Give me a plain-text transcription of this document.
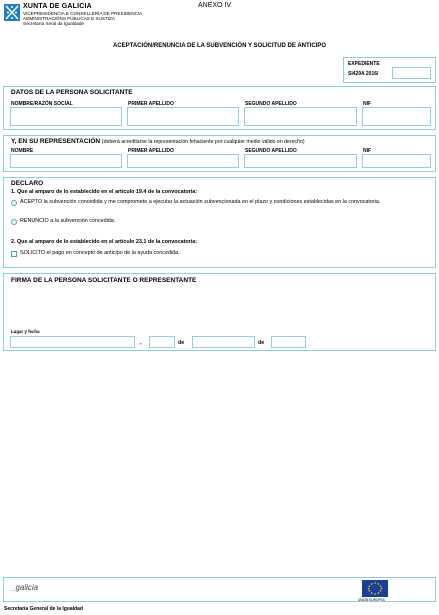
XUNTA DE GALICIA
VICEPRESIDENCIA E CONSELLERÍA DE PRESIDENCIA,
ADMINISTRACIÓNS PÚBLICAS E XUSTIZA
Secretaría Xeral da Igualdade
ANEXO IV
ACEPTACIÓN/RENUNCIA DE LA SUBVENCIÓN Y SOLICITUD DE ANTICIPO
EXPEDIENTE
SI429A 2016/
DATOS DE LA PERSONA SOLICITANTE
NOMBRE/RAZÓN SOCIAL	PRIMER APELLIDO	SEGUNDO APELLIDO	NIF
Y, EN SU REPRESENTACIÓN (deberá acreditarse la representación fehaciente por cualquier medio válido en derecho)
NOMBRE	PRIMER APELLIDO	SEGUNDO APELLIDO	NIF
DECLARO
1. Que al amparo de lo establecido en el artículo 19.4 de la convocatoria:
ACEPTO la subvención concedida y me comprometo a ejecutar la actuación subvencionada en el plazo y condiciones establecidas en la convocatoria.
RENUNCIO a la subvención concedida.
2. Que al amparo de lo establecido en el artículo 23.1 de la convocatoria:
SOLICITO el pago en concepto de anticipo de la ayuda concedida.
FIRMA DE LA PERSONA SOLICITANTE O REPRESENTANTE
Lugar y fecha
,	de	de
_galicia
UNIÓN EUROPEA
Secretaría General de la Igualdad
